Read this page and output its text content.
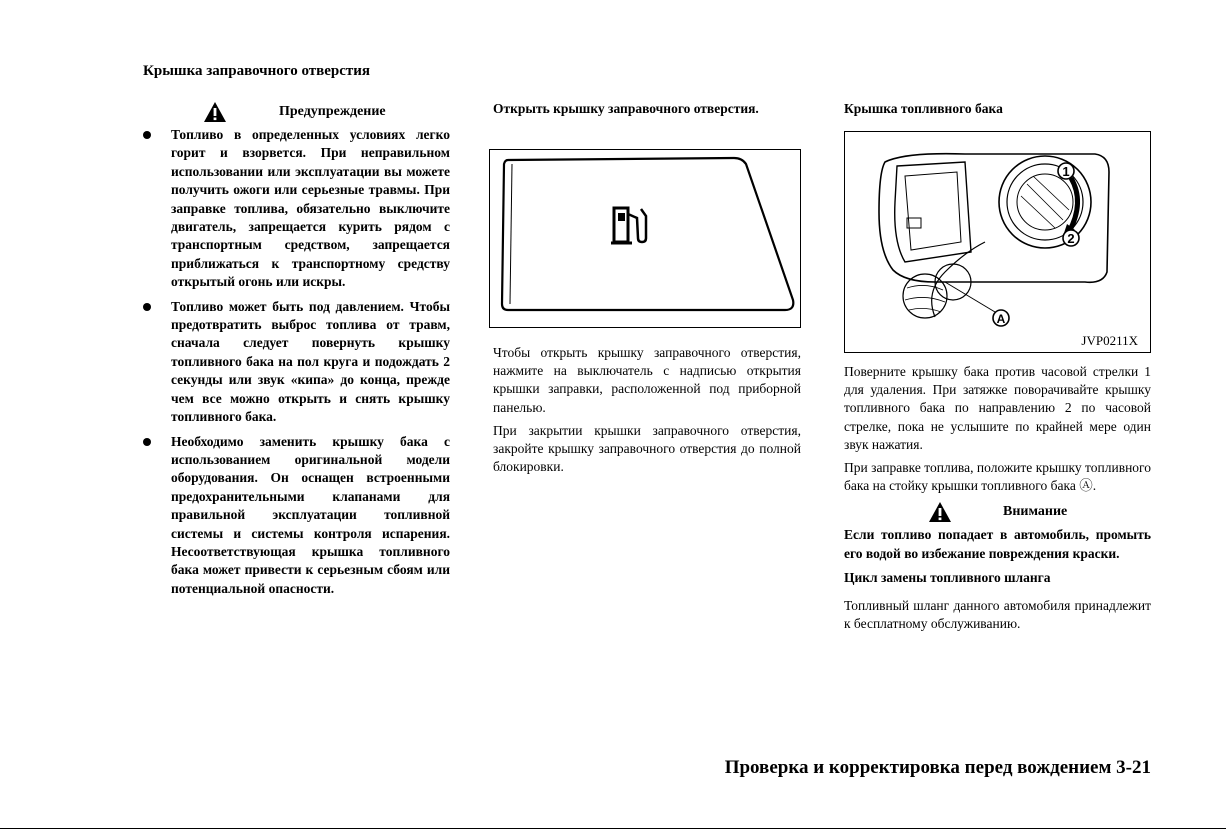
Крышка заправочного отверстия
Предупреждение
Топливо в определенных условиях легко горит и взорвется. При неправильном использовании или эксплуатации вы можете получить ожоги или серьезные травмы. При заправке топлива, обязательно выключите двигатель, запрещается курить рядом с транспортным средством, запрещается приближаться к транспортному средству открытый огонь или искры.
Топливо может быть под давлением. Чтобы предотвратить выброс топлива от травм, сначала следует повернуть крышку топливного бака на пол круга и подождать 2 секунды или звук «кипа» до конца, прежде чем все можно открыть и снять крышку топливного бака.
Необходимо заменить крышку бака с использованием оригинальной модели оборудования. Он оснащен встроенными предохранительными клапанами для правильной эксплуатации топливной системы и системы контроля испарения. Несоответствующая крышка топливного бака может привести к серьезным сбоям или потенциальной опасности.
Открыть крышку заправочного отверстия.

Чтобы открыть крышку заправочного отверстия, нажмите на выключатель с надписью открытия крышки заправки, расположенной под приборной панелью.

При закрытии крышки заправочного отверстия, закройте крышку заправочного отверстия до полной блокировки.

Крышка топливного бака
1
2
A
JVP0211X

Поверните крышку бака против часовой стрелки 1 для удаления. При затяжке поворачивайте крышку топливного бака по направлению 2 по часовой стрелке, пока не услышите по крайней мере один звук нажатия.

При заправке топлива, положите крышку топливного бака на стойку крышки топливного бака Ⓐ.

Внимание

Если топливо попадает в автомобиль, промыть его водой во избежание повреждения краски.

Цикл замены топливного шланга

Топливный шланг данного автомобиля принадлежит к бесплатному обслуживанию.

Проверка и корректировка перед вождением 3-21
